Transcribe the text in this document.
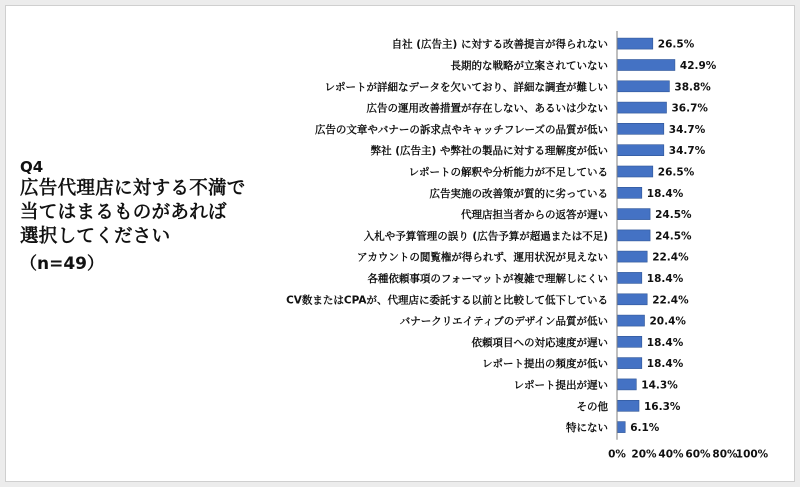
Q4
広告代理店に対する不満で
当てはまるものがあれば
選択してください
（n=49）
自社 (広告主) に対する改善提言が得られない
長期的な戦略が立案されていない
レポートが詳細なデータを欠いており、詳細な調査が難しい
広告の運用改善措置が存在しない、あるいは少ない
広告の文章やバナーの訴求点やキャッチフレーズの品質が低い
弊社 (広告主) や弊社の製品に対する理解度が低い
レポートの解釈や分析能力が不足している
広告実施の改善策が質的に劣っている
代理店担当者からの返答が遅い
入札や予算管理の誤り (広告予算が超過または不足)
アカウントの閲覧権が得られず、運用状況が見えない
各種依頼事項のフォーマットが複雑で理解しにくい
CV数またはCPAが、代理店に委託する以前と比較して低下している
バナークリエイティブのデザイン品質が低い
依頼項目への対応速度が遅い
レポート提出の頻度が低い
レポート提出が遅い
その他
特にない
26.5%
42.9%
38.8%
36.7%
34.7%
34.7%
26.5%
18.4%
24.5%
24.5%
22.4%
18.4%
22.4%
20.4%
18.4%
18.4%
14.3%
16.3%
6.1%
0% 20% 40% 60% 80%
100%
